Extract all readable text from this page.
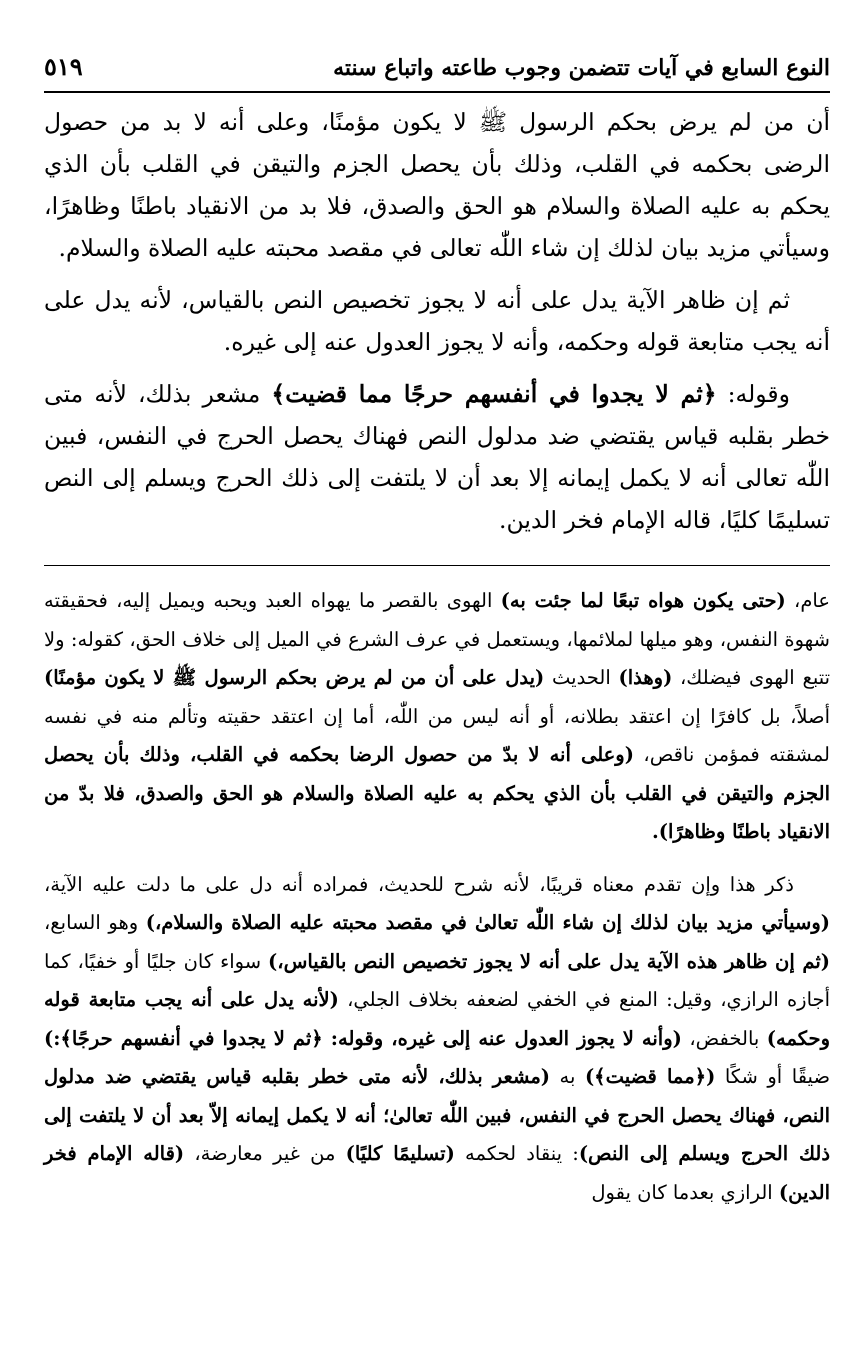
النوع السابع في آيات تتضمن وجوب طاعته واتباع سنته
٥١٩

أن من لم يرض بحكم الرسول ﷺ لا يكون مؤمنًا، وعلى أنه لا بد من حصول الرضى بحكمه في القلب، وذلك بأن يحصل الجزم والتيقن في القلب بأن الذي يحكم به عليه الصلاة والسلام هو الحق والصدق، فلا بد من الانقياد باطنًا وظاهرًا، وسيأتي مزيد بيان لذلك إن شاء اللّٰه تعالى في مقصد محبته عليه الصلاة والسلام.

ثم إن ظاهر الآية يدل على أنه لا يجوز تخصيص النص بالقياس، لأنه يدل على أنه يجب متابعة قوله وحكمه، وأنه لا يجوز العدول عنه إلى غيره.

وقوله: ﴿ثم لا يجدوا في أنفسهم حرجًا مما قضيت﴾ مشعر بذلك، لأنه متى خطر بقلبه قياس يقتضي ضد مدلول النص فهناك يحصل الحرج في النفس، فبين اللّٰه تعالى أنه لا يكمل إيمانه إلا بعد أن لا يلتفت إلى ذلك الحرج ويسلم إلى النص تسليمًا كليًا، قاله الإمام فخر الدين.

عام، (حتى يكون هواه تبعًا لما جئت به) الهوى بالقصر ما يهواه العبد ويحبه ويميل إليه، فحقيقته شهوة النفس، وهو ميلها لملائمها، ويستعمل في عرف الشرع في الميل إلى خلاف الحق، كقوله: ولا تتبع الهوى فيضلك، (وهذا) الحديث (يدل على أن من لم يرض بحكم الرسول ﷺ لا يكون مؤمنًا) أصلاً، بل كافرًا إن اعتقد بطلانه، أو أنه ليس من اللّٰه، أما إن اعتقد حقيته وتألم منه في نفسه لمشقته فمؤمن ناقص، (وعلى أنه لا بدّ من حصول الرضا بحكمه في القلب، وذلك بأن يحصل الجزم والتيقن في القلب بأن الذي يحكم به عليه الصلاة والسلام هو الحق والصدق، فلا بدّ من الانقياد باطنًا وظاهرًا).

ذكر هذا وإن تقدم معناه قريبًا، لأنه شرح للحديث، فمراده أنه دل على ما دلت عليه الآية، (وسيأتي مزيد بيان لذلك إن شاء اللّٰه تعالىٰ في مقصد محبته عليه الصلاة والسلام،) وهو السابع، (ثم إن ظاهر هذه الآية يدل على أنه لا يجوز تخصيص النص بالقياس،) سواء كان جليًا أو خفيًا، كما أجازه الرازي، وقيل: المنع في الخفي لضعفه بخلاف الجلي، (لأنه يدل على أنه يجب متابعة قوله وحكمه) بالخفض، (وأنه لا يجوز العدول عنه إلى غيره، وقوله: ﴿ثم لا يجدوا في أنفسهم حرجًا﴾:) ضيقًا أو شكًا (﴿مما قضيت﴾) به (مشعر بذلك، لأنه متى خطر بقلبه قياس يقتضي ضد مدلول النص، فهناك يحصل الحرج في النفس، فبين اللّٰه تعالىٰ؛ أنه لا يكمل إيمانه إلاّ بعد أن لا يلتفت إلى ذلك الحرج ويسلم إلى النص): ينقاد لحكمه (تسليمًا كليًا) من غير معارضة، (قاله الإمام فخر الدين) الرازي بعدما كان يقول
